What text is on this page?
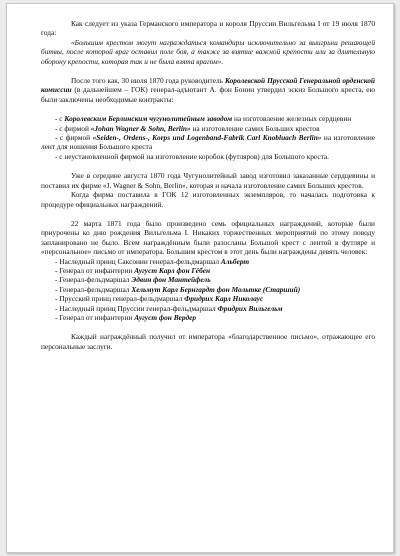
Как следует из указа Германского императора и короля Пруссии Вильгельма I от 19 июля 1870 года:

«Большим крестом могут награждаться командиры исключительно за выигрыш решающей битвы, после которой враг оставил поле боя, а также за взятие важной крепости или за длительную оборону крепости, которая так и не была взята врагом».

После того как, 30 июля 1870 года руководитель Королевской Прусской Генеральной орденской комиссии (в дальнейшем – ГОК) генерал-адъютант А. фон Бонин утвердил эскиз Большого креста, ею были заключены необходимые контракты:

- с Королевским Берлинским чугунолитейным заводом на изготовление железных сердцевин

- с фирмой «Johan Wagner & Sohn, Berlin» на изготовление самих Больших крестов

- с фирмой «Seiden-, Ordens-, Korps und Logenband-Fabrik Carl Knobluach Berlin» на изготовление лент для ношения Большого креста

- с неустановленной фирмой на изготовление коробок (футляров) для Большого креста.

Уже в середине августа 1870 года Чугунолитейный завод изготовил заказанные сердцевины и поставил их фирме «J. Wagner & Sohn, Berlin», которая и начала изготовление самих Больших крестов.

Когда фирма поставила в ГОК 12 изготовленных экземпляров, то началась подготовка к процедуре официальных награждений.

22 марта 1871 года было произведено семь официальных награждений, которые были приурочены ко дню рождения Вильгельма I. Никаких торжественных мероприятий по этому поводу запланировано не было. Всем награждённым были разосланы Большой крест с лентой в футляре и «персональное» письмо от императора. Большим крестом в этот день были награждены девять человек:

- Наследный принц Саксонии генерал-фельдмаршал Альберт

- Генерал от инфантерии Аугуст Карл фон Гёбен

- Генерал-фельдмаршал Эдвин фон Мантейфель

- Генерал-фельдмаршал Хельмут Карл Бернгардт фон Мольтке (Старший)

- Прусский принц генерал-фельдмаршал Фридрих Карл Николаус

- Наследный принц Пруссии генерал-фельдмаршал Фридрих Вильгельм

- Генерал от инфантерии Аугуст фон Вердер

Каждый награждённый получил от императора «благодарственное письмо», отражающее его персональные заслуги.
